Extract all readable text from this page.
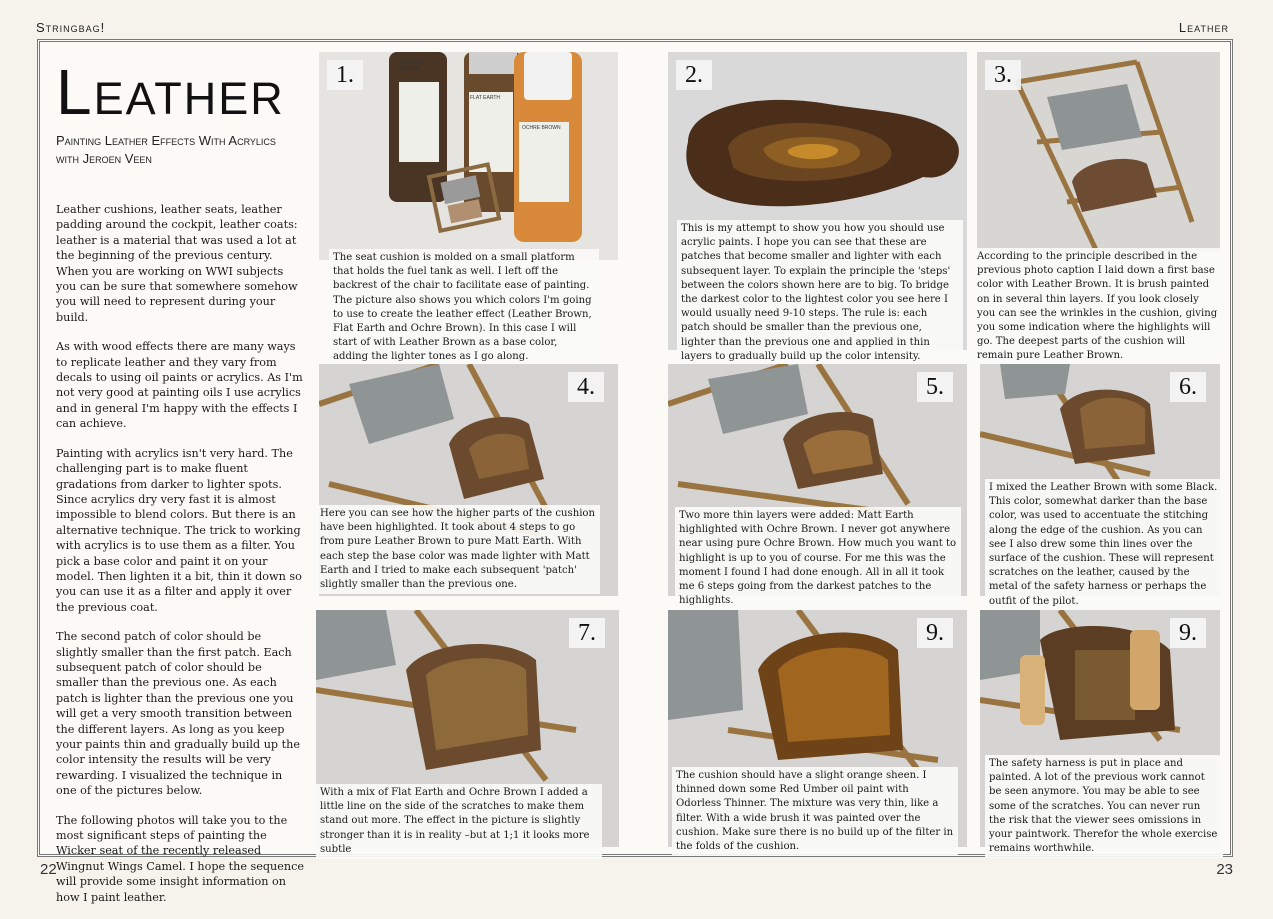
Stringbag!	Leather
22	23
Leather
Painting Leather Effects With Acrylics
with Jeroen Veen

Leather cushions, leather seats, leather padding around the cockpit, leather coats: leather is a material that was used a lot at the beginning of the previous century. When you are working on WWI subjects you can be sure that somewhere somehow you will need to represent during your build.

As with wood effects there are many ways to replicate leather and they vary from decals to using oil paints or acrylics. As I'm not very good at painting oils I use acrylics and in general I'm happy with the effects I can achieve.

Painting with acrylics isn't very hard. The challenging part is to make fluent gradations from darker to lighter spots. Since acrylics dry very fast it is almost impossible to blend colors. But there is an alternative technique. The trick to working with acrylics is to use them as a filter. You pick a base color and paint it on your model. Then lighten it a bit, thin it down so you can use it as a filter and apply it over the previous coat.

The second patch of color should be slightly smaller than the first patch. Each subsequent patch of color should be smaller than the previous one. As each patch is lighter than the previous one you will get a very smooth transition between the different layers. As long as you keep your paints thin and gradually build up the color intensity the results will be very rewarding. I visualized the technique in one of the pictures below.

The following photos will take you to the most significant steps of painting the Wicker seat of the recently released Wingnut Wings Camel. I hope the sequence will provide some insight information on how I paint leather.

1.
The seat cushion is molded on a small platform that holds the fuel tank as well. I left off the backrest of the chair to facilitate ease of painting. The picture also shows you which colors I'm going to use to create the leather effect (Leather Brown, Flat Earth and Ochre Brown). In this case I will start of with Leather Brown as a base color, adding the lighter tones as I go along.
LEATHER BROWN
FLAT EARTH
OCHRE BROWN
2.
This is my attempt to show you how you should use acrylic paints. I hope you can see that these are patches that become smaller and lighter with each subsequent layer. To explain the principle the 'steps' between the colors shown here are to big. To bridge the darkest color to the lightest color you see here I would usually need 9-10 steps. The rule is: each patch should be smaller than the previous one, lighter than the previous one and applied in thin layers to gradually build up the color intensity.
3.
According to the principle described in the previous photo caption I laid down a first base color with Leather Brown. It is brush painted on in several thin layers. If you look closely you can see the wrinkles in the cushion, giving you some indication where the highlights will go. The deepest parts of the cushion will remain pure Leather Brown.
4.
Here you can see how the higher parts of the cushion have been highlighted. It took about 4 steps to go from pure Leather Brown to pure Matt Earth. With each step the base color was made lighter with Matt Earth and I tried to make each subsequent 'patch' slightly smaller than the previous one.
5.
Two more thin layers were added: Matt Earth highlighted with Ochre Brown. I never got anywhere near using pure Ochre Brown. How much you want to highlight is up to you of course. For me this was the moment I found I had done enough. All in all it took me 6 steps going from the darkest patches to the highlights.
6.
I mixed the Leather Brown with some Black. This color, somewhat darker than the base color, was used to accentuate the stitching along the edge of the cushion. As you can see I also drew some thin lines over the surface of the cushion. These will represent scratches on the leather, caused by the metal of the safety harness or perhaps the outfit of the pilot.
7.
With a mix of Flat Earth and Ochre Brown I added a little line on the side of the scratches to make them stand out more. The effect in the picture is slightly stronger than it is in reality –but at 1;1 it looks more subtle
9.
The cushion should have a slight orange sheen. I thinned down some Red Umber oil paint with Odorless Thinner. The mixture was very thin, like a filter. With a wide brush it was painted over the cushion. Make sure there is no build up of the filter in the folds of the cushion.
9.
The safety harness is put in place and painted. A lot of the previous work cannot be seen anymore. You may be able to see some of the scratches. You can never run the risk that the viewer sees omissions in your paintwork. Therefor the whole exercise remains worthwhile.
